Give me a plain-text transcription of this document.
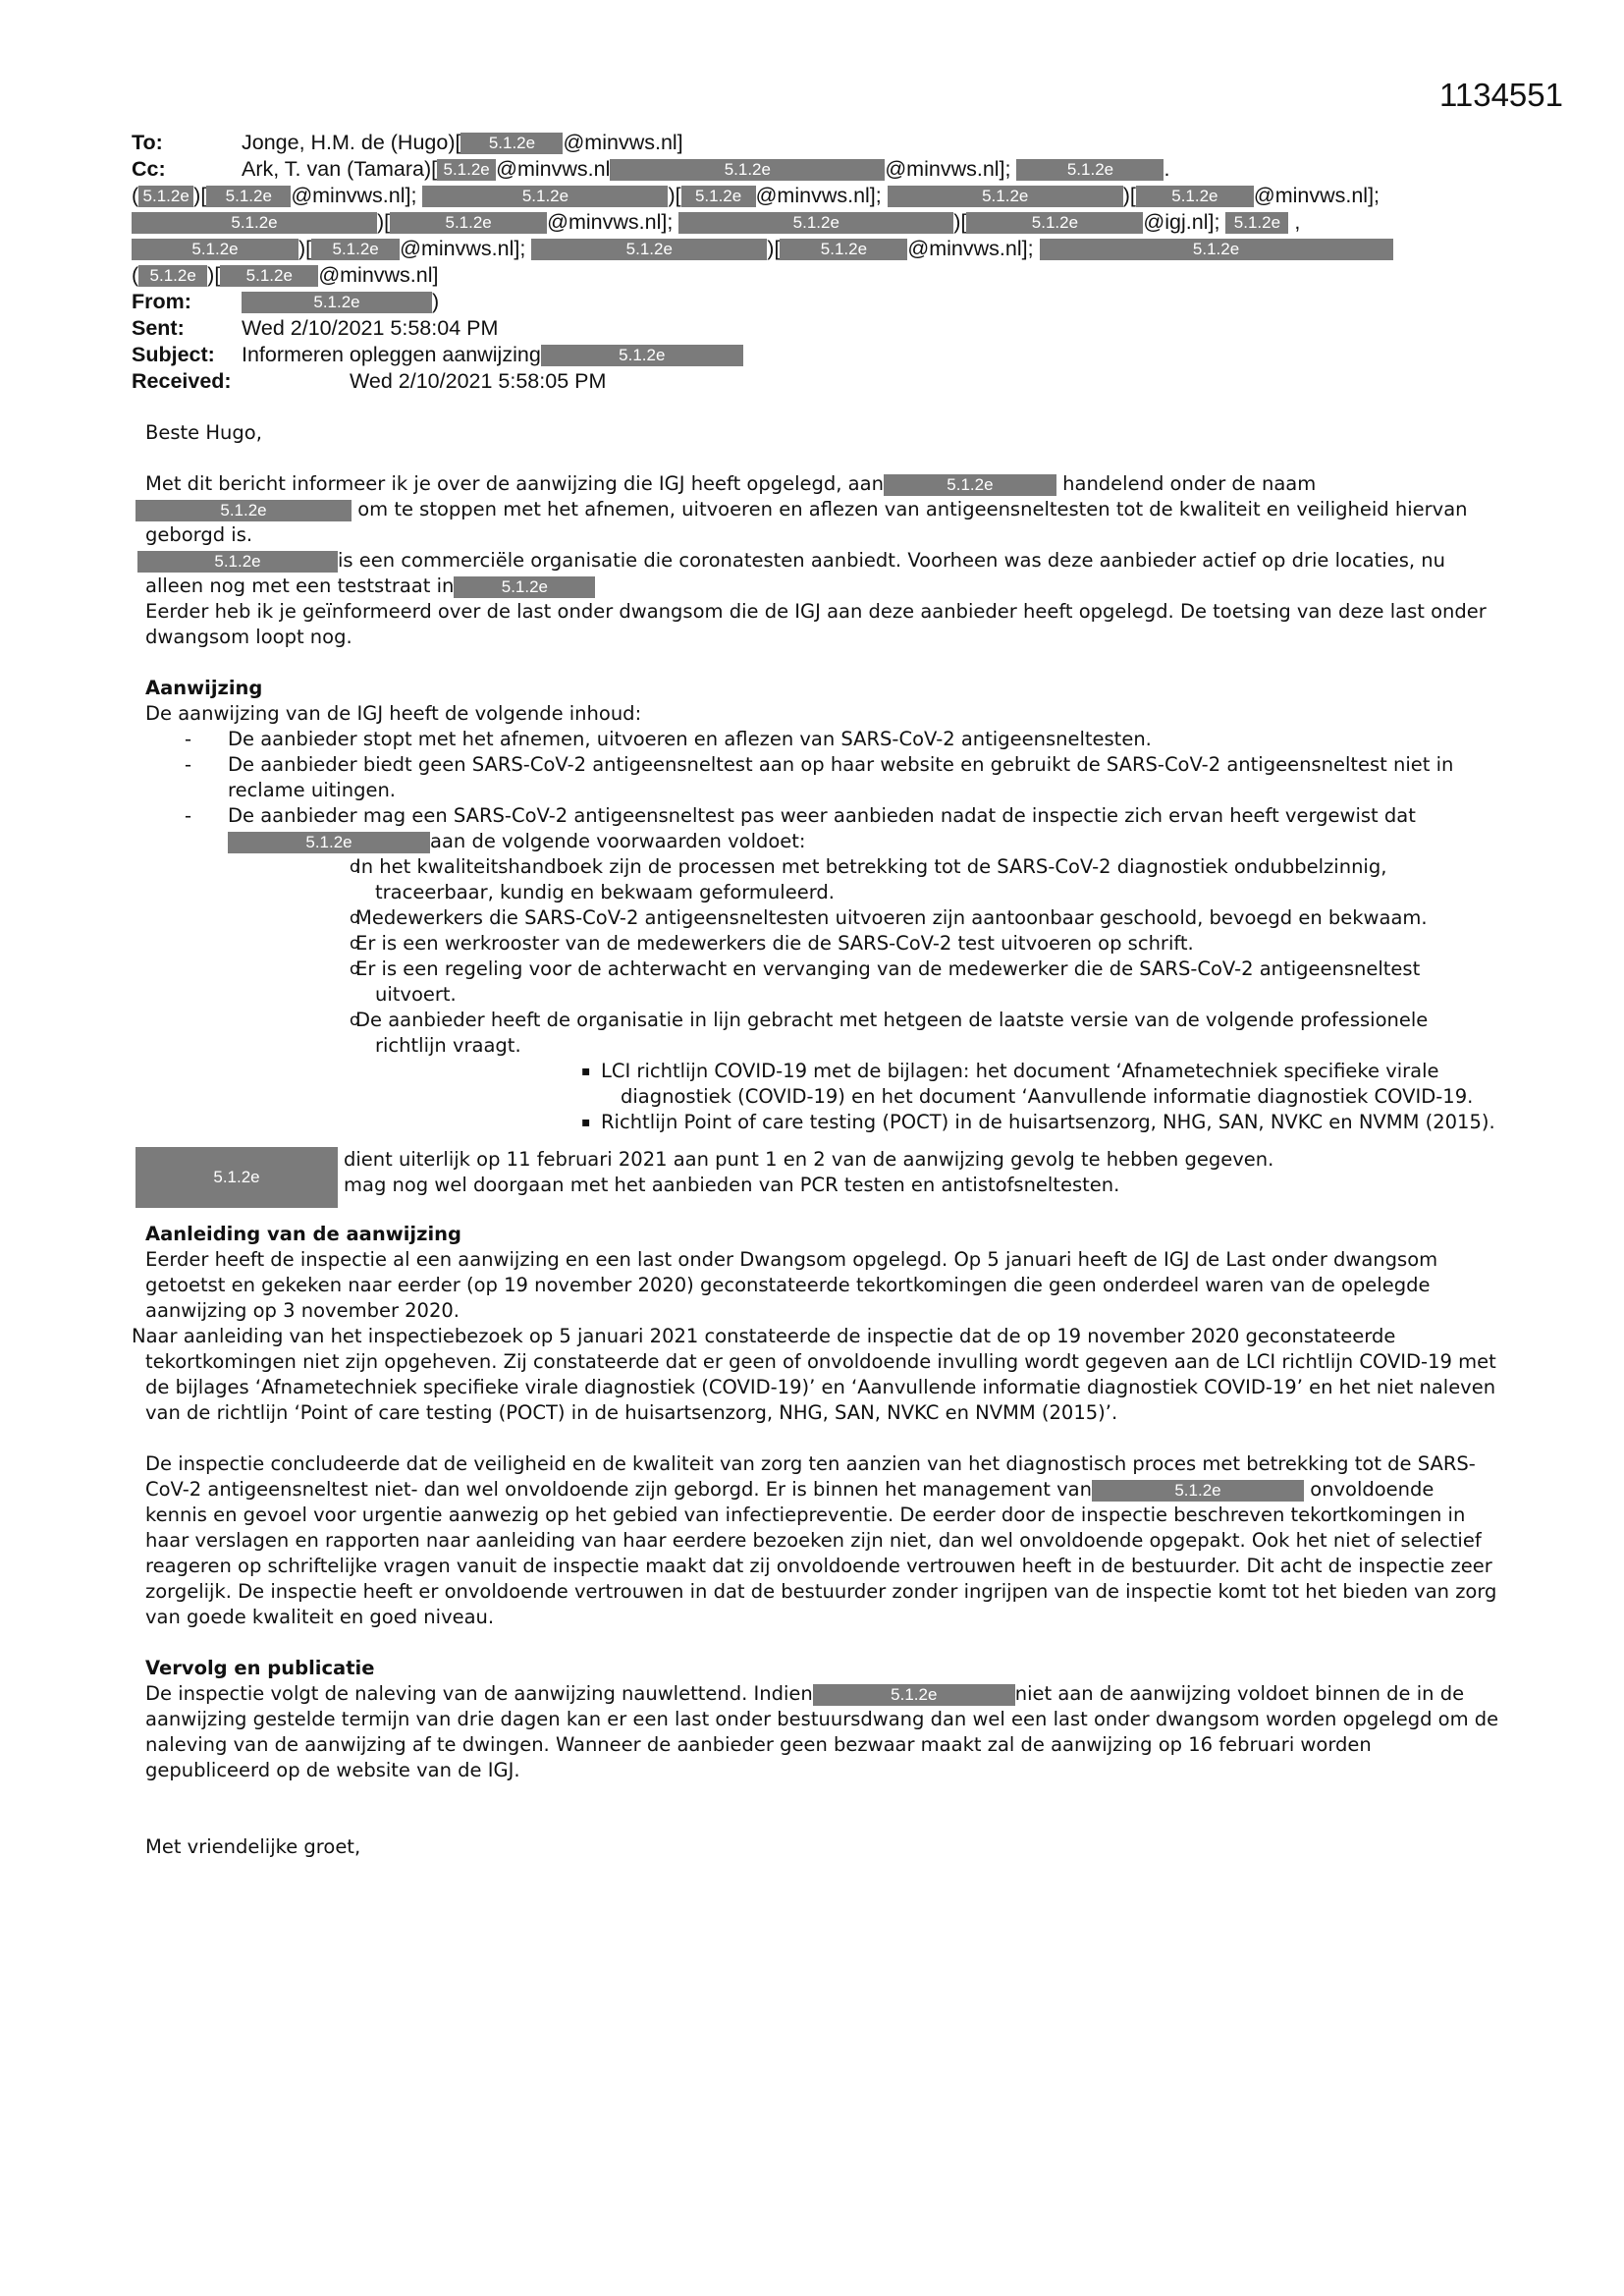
1134551
To:	Jonge, H.M. de (Hugo)[ 5.1.2e @minvws.nl]
Cc:	Ark, T. van (Tamara)[ 5.1.2e @minvws.nl	5.1.2e	@minvws.nl];	5.1.2e .
( 5.1.2e )[ 5.1.2e @minvws.nl];	5.1.2e	)[ 5.1.2e @minvws.nl];	5.1.2e	)[ 5.1.2e @minvws.nl];
5.1.2e	)[	5.1.2e	@minvws.nl];	5.1.2e	)[	5.1.2e	@igj.nl]; 5.1.2e ,
5.1.2e	)[ 5.1.2e @minvws.nl];	5.1.2e	)[ 5.1.2e @minvws.nl];	5.1.2e
( 5.1.2e )[ 5.1.2e @minvws.nl]
From:	5.1.2e	)
Sent:	Wed 2/10/2021 5:58:04 PM
Subject: Informeren opleggen aanwijzing	5.1.2e
Received:	Wed 2/10/2021 5:58:05 PM

Beste Hugo,

Met dit bericht informeer ik je over de aanwijzing die IGJ heeft opgelegd, aan	5.1.2e	handelend onder de naam
5.1.2e	om te stoppen met het afnemen, uitvoeren en aflezen van antigeensneltesten tot de kwaliteit en veiligheid hiervan geborgd is.

5.1.2e	is een commerciële organisatie die coronatesten aanbiedt. Voorheen was deze aanbieder actief op drie locaties, nu alleen nog met een teststraat in	5.1.2e

Eerder heb ik je geïnformeerd over de last onder dwangsom die de IGJ aan deze aanbieder heeft opgelegd. De toetsing van deze last onder dwangsom loopt nog.

Aanwijzing

De aanwijzing van de IGJ heeft de volgende inhoud:

- De aanbieder stopt met het afnemen, uitvoeren en aflezen van SARS-CoV-2 antigeensneltesten.
- De aanbieder biedt geen SARS-CoV-2 antigeensneltest aan op haar website en gebruikt de SARS-CoV-2 antigeensneltest niet in reclame uitingen.
- De aanbieder mag een SARS-CoV-2 antigeensneltest pas weer aanbieden nadat de inspectie zich ervan heeft vergewist dat5.1.2e	aan de volgende voorwaarden voldoet:
o In het kwaliteitshandboek zijn de processen met betrekking tot de SARS-CoV-2 diagnostiek ondubbelzinnig, traceerbaar, kundig en bekwaam geformuleerd.
o Medewerkers die SARS-CoV-2 antigeensneltesten uitvoeren zijn aantoonbaar geschoold, bevoegd en bekwaam.
o Er is een werkrooster van de medewerkers die de SARS-CoV-2 test uitvoeren op schrift.
o Er is een regeling voor de achterwacht en vervanging van de medewerker die de SARS-CoV-2 antigeensneltest uitvoert.
o De aanbieder heeft de organisatie in lijn gebracht met hetgeen de laatste versie van de volgende professionele richtlijn vraagt.
▪ LCI richtlijn COVID-19 met de bijlagen: het document ‘Afnametechniek specifieke virale diagnostiek (COVID-19) en het document ‘Aanvullende informatie diagnostiek COVID-19.
▪ Richtlijn Point of care testing (POCT) in de huisartsenzorg, NHG, SAN, NVKC en NVMM (2015).
5.1.2e

dient uiterlijk op 11 februari 2021 aan punt 1 en 2 van de aanwijzing gevolg te hebben gegeven.

mag nog wel doorgaan met het aanbieden van PCR testen en antistofsneltesten.

Aanleiding van de aanwijzing

Eerder heeft de inspectie al een aanwijzing en een last onder Dwangsom opgelegd. Op 5 januari heeft de IGJ de Last onder dwangsom getoetst en gekeken naar eerder (op 19 november 2020) geconstateerde tekortkomingen die geen onderdeel waren van de opelegde aanwijzing op 3 november 2020.

Naar aanleiding van het inspectiebezoek op 5 januari 2021 constateerde de inspectie dat de op 19 november 2020 geconstateerde tekortkomingen niet zijn opgeheven. Zij constateerde dat er geen of onvoldoende invulling wordt gegeven aan de LCI richtlijn COVID-19 met de bijlages ‘Afnametechniek specifieke virale diagnostiek (COVID-19)’ en ‘Aanvullende informatie diagnostiek COVID-19’ en het niet naleven van de richtlijn ‘Point of care testing (POCT) in de huisartsenzorg, NHG, SAN, NVKC en NVMM (2015)’.

De inspectie concludeerde dat de veiligheid en de kwaliteit van zorg ten aanzien van het diagnostisch proces met betrekking tot de SARS-CoV-2 antigeensneltest niet- dan wel onvoldoende zijn geborgd. Er is binnen het management van	5.1.2e	onvoldoende kennis en gevoel voor urgentie aanwezig op het gebied van infectiepreventie. De eerder door de inspectie beschreven tekortkomingen in haar verslagen en rapporten naar aanleiding van haar eerdere bezoeken zijn niet, dan wel onvoldoende opgepakt. Ook het niet of selectief reageren op schriftelijke vragen vanuit de inspectie maakt dat zij onvoldoende vertrouwen heeft in de bestuurder. Dit acht de inspectie zeer zorgelijk. De inspectie heeft er onvoldoende vertrouwen in dat de bestuurder zonder ingrijpen van de inspectie komt tot het bieden van zorg van goede kwaliteit en goed niveau.

Vervolg en publicatie

De inspectie volgt de naleving van de aanwijzing nauwlettend. Indien	5.1.2e	niet aan de aanwijzing voldoet binnen de in de aanwijzing gestelde termijn van drie dagen kan er een last onder bestuursdwang dan wel een last onder dwangsom worden opgelegd om de naleving van de aanwijzing af te dwingen. Wanneer de aanbieder geen bezwaar maakt zal de aanwijzing op 16 februari worden gepubliceerd op de website van de IGJ.

Met vriendelijke groet,
